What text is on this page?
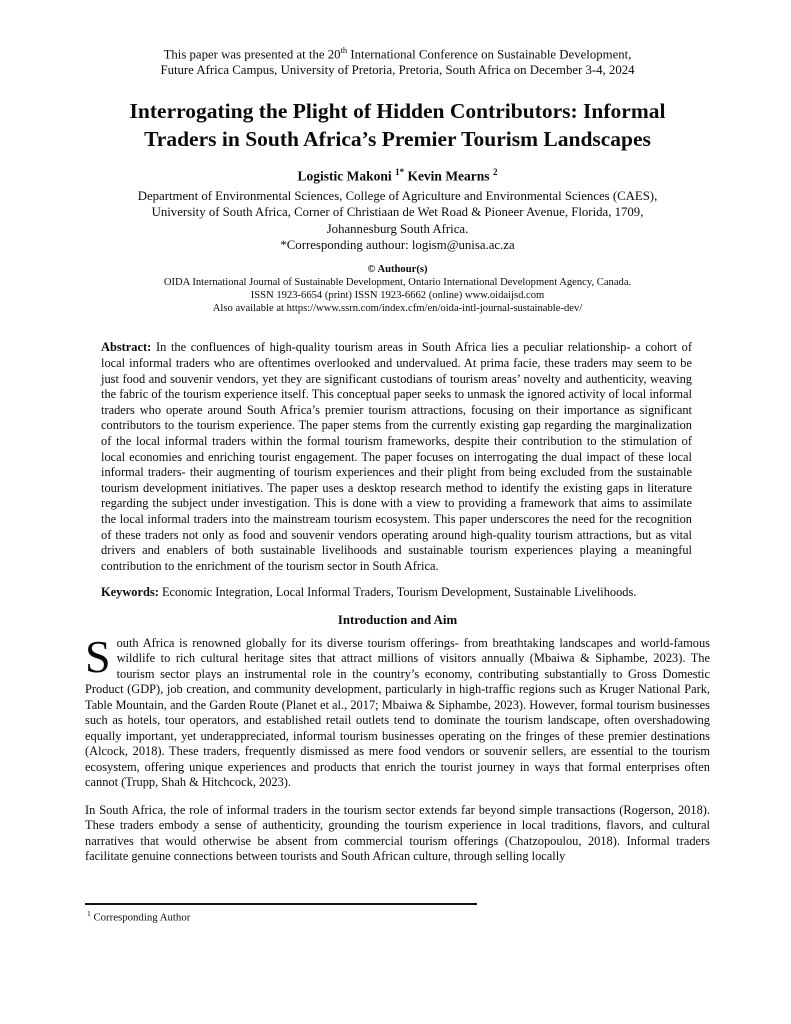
This paper was presented at the 20th International Conference on Sustainable Development,
Future Africa Campus, University of Pretoria, Pretoria, South Africa on December 3-4, 2024
Interrogating the Plight of Hidden Contributors: Informal
Traders in South Africa’s Premier Tourism Landscapes
Logistic Makoni $^{1*}$ Kevin Mearns $^2$
Department of Environmental Sciences, College of Agriculture and Environmental Sciences (CAES),
University of South Africa, Corner of Christiaan de Wet Road & Pioneer Avenue, Florida, 1709,
Johannesburg South Africa.
*Corresponding authour: logism@unisa.ac.za
© Authour(s)
OIDA International Journal of Sustainable Development, Ontario International Development Agency, Canada.
ISSN 1923-6654 (print) ISSN 1923-6662 (online) www.oidaijsd.com
Also available at https://www.ssrn.com/index.cfm/en/oida-intl-journal-sustainable-dev/

Abstract: In the confluences of high-quality tourism areas in South Africa lies a peculiar relationship- a cohort of local informal traders who are oftentimes overlooked and undervalued. At prima facie, these traders may seem to be just food and souvenir vendors, yet they are significant custodians of tourism areas’ novelty and authenticity, weaving the fabric of the tourism experience itself. This conceptual paper seeks to unmask the ignored activity of local informal traders who operate around South Africa’s premier tourism attractions, focusing on their importance as significant contributors to the tourism experience. The paper stems from the currently existing gap regarding the marginalization of the local informal traders within the formal tourism frameworks, despite their contribution to the stimulation of local economies and enriching tourist engagement. The paper focuses on interrogating the dual impact of these local informal traders- their augmenting of tourism experiences and their plight from being excluded from the sustainable tourism development initiatives. The paper uses a desktop research method to identify the existing gaps in literature regarding the subject under investigation. This is done with a view to providing a framework that aims to assimilate the local informal traders into the mainstream tourism ecosystem. This paper underscores the need for the recognition of these traders not only as food and souvenir vendors operating around high-quality tourism attractions, but as vital drivers and enablers of both sustainable livelihoods and sustainable tourism experiences playing a meaningful contribution to the enrichment of the tourism sector in South Africa.

Keywords: Economic Integration, Local Informal Traders, Tourism Development, Sustainable Livelihoods.

Introduction and Aim

South Africa is renowned globally for its diverse tourism offerings- from breathtaking landscapes and world-famous wildlife to rich cultural heritage sites that attract millions of visitors annually (Mbaiwa & Siphambe, 2023). The tourism sector plays an instrumental role in the country’s economy, contributing substantially to Gross Domestic Product (GDP), job creation, and community development, particularly in high-traffic regions such as Kruger National Park, Table Mountain, and the Garden Route (Planet et al., 2017; Mbaiwa & Siphambe, 2023). However, formal tourism businesses such as hotels, tour operators, and established retail outlets tend to dominate the tourism landscape, often overshadowing equally important, yet underappreciated, informal tourism businesses operating on the fringes of these premier destinations (Alcock, 2018). These traders, frequently dismissed as mere food vendors or souvenir sellers, are essential to the tourism ecosystem, offering unique experiences and products that enrich the tourist journey in ways that formal enterprises often cannot (Trupp, Shah & Hitchcock, 2023).

In South Africa, the role of informal traders in the tourism sector extends far beyond simple transactions (Rogerson, 2018). These traders embody a sense of authenticity, grounding the tourism experience in local traditions, flavors, and cultural narratives that would otherwise be absent from commercial tourism offerings (Chatzopoulou, 2018). Informal traders facilitate genuine connections between tourists and South African culture, through selling locally

$^1$ Corresponding Author
